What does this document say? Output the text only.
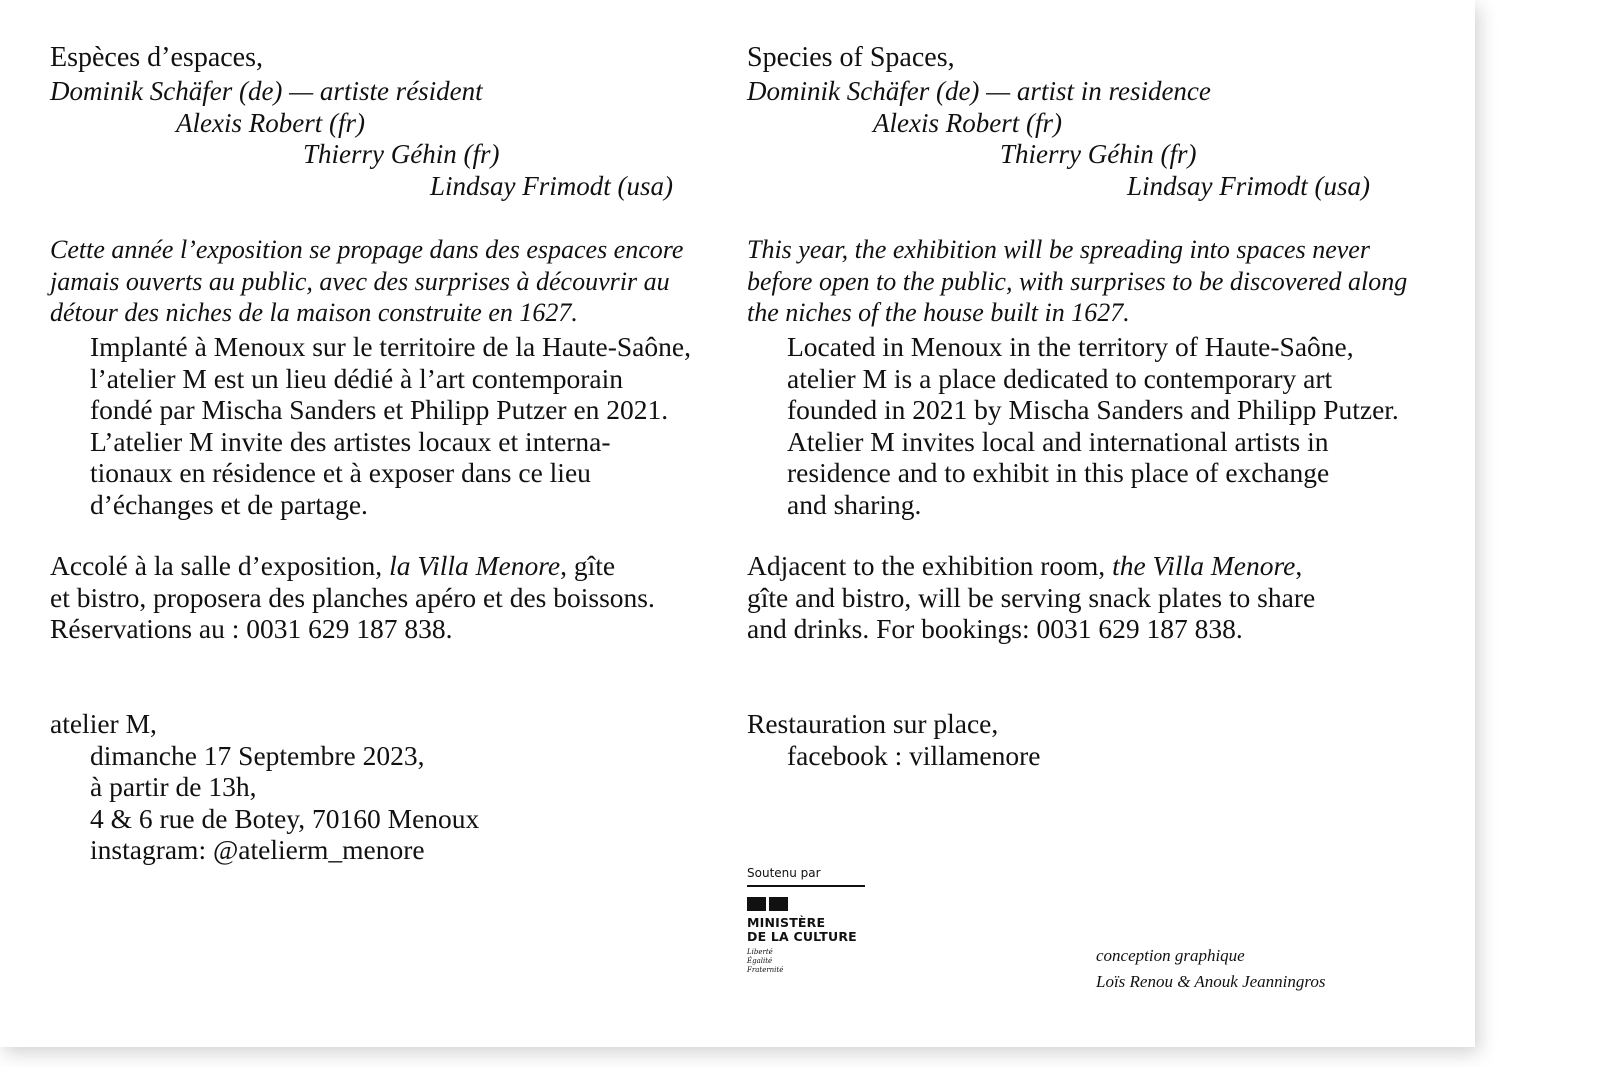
Espèces d’espaces,
Dominik Schäfer (de) — artiste résident
Alexis Robert (fr)
Thierry Géhin (fr)
Lindsay Frimodt (usa)
Cette année l’exposition se propage dans des espaces encore
jamais ouverts au public, avec des surprises à découvrir au
détour des niches de la maison construite en 1627.
Implanté à Menoux sur le territoire de la Haute-Saône,
l’atelier M est un lieu dédié à l’art contemporain
fondé par Mischa Sanders et Philipp Putzer en 2021.
L’atelier M invite des artistes locaux et interna-
tionaux en résidence et à exposer dans ce lieu
d’échanges et de partage.
Accolé à la salle d’exposition, la Villa Menore, gîte
et bistro, proposera des planches apéro et des boissons.
Réservations au : 0031 629 187 838.
atelier M,
dimanche 17 Septembre 2023,
à partir de 13h,
4 & 6 rue de Botey, 70160 Menoux
instagram: @atelierm_menore
Species of Spaces,
Dominik Schäfer (de) — artist in residence
Alexis Robert (fr)
Thierry Géhin (fr)
Lindsay Frimodt (usa)
This year, the exhibition will be spreading into spaces never
before open to the public, with surprises to be discovered along
the niches of the house built in 1627.
Located in Menoux in the territory of Haute-Saône,
atelier M is a place dedicated to contemporary art
founded in 2021 by Mischa Sanders and Philipp Putzer.
Atelier M invites local and international artists in
residence and to exhibit in this place of exchange
and sharing.
Adjacent to the exhibition room, the Villa Menore,
gîte and bistro, will be serving snack plates to share
and drinks. For bookings: 0031 629 187 838.
Restauration sur place,
facebook : villamenore
Soutenu par
MINISTÈRE
DE LA CULTURE
Liberté
Égalité
Fraternité
conception graphique
Loïs Renou & Anouk Jeanningros
